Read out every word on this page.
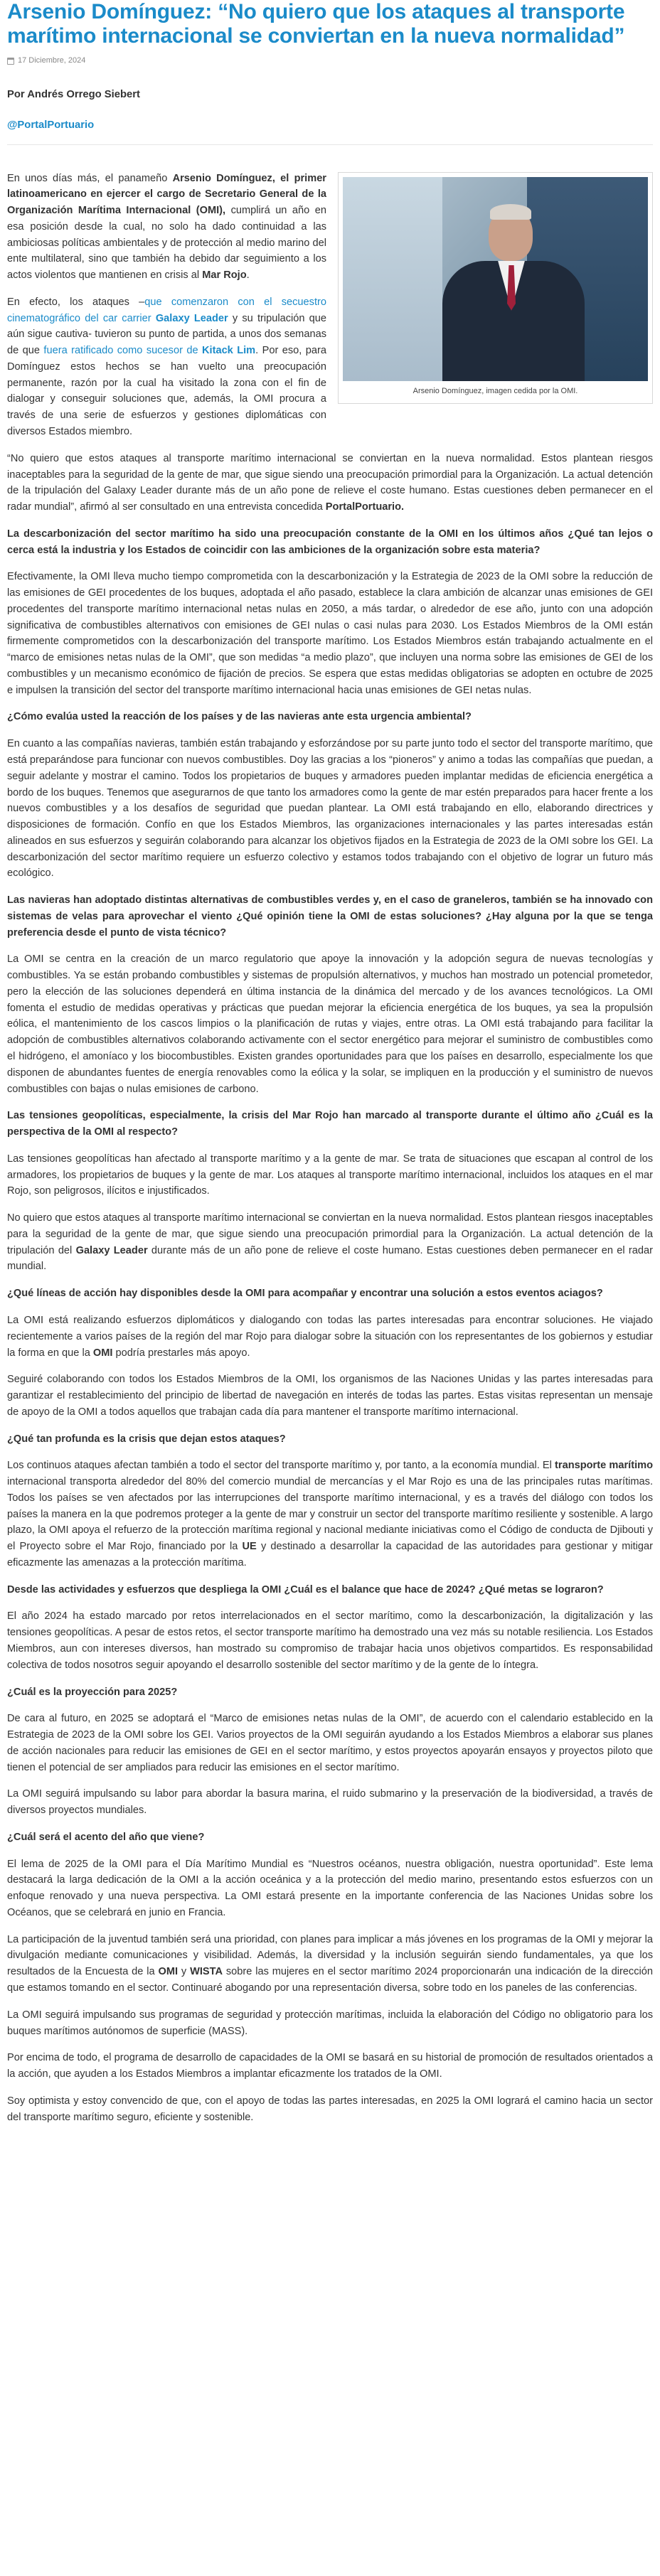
Arsenio Domínguez: “No quiero que los ataques al transporte marítimo internacional se conviertan en la nueva normalidad”
17 Diciembre, 2024
Por Andrés Orrego Siebert
@PortalPortuario
Arsenio Domínguez, imagen cedida por la OMI.

En unos días más, el panameño Arsenio Domínguez, el primer latinoamericano en ejercer el cargo de Secretario General de la Organización Marítima Internacional (OMI), cumplirá un año en esa posición desde la cual, no solo ha dado continuidad a las ambiciosas políticas ambientales y de protección al medio marino del ente multilateral, sino que también ha debido dar seguimiento a los actos violentos que mantienen en crisis al Mar Rojo.

En efecto, los ataques –que comenzaron con el secuestro cinematográfico del car carrier Galaxy Leader y su tripulación que aún sigue cautiva- tuvieron su punto de partida, a unos dos semanas de que fuera ratificado como sucesor de Kitack Lim. Por eso, para Domínguez estos hechos se han vuelto una preocupación permanente, razón por la cual ha visitado la zona con el fin de dialogar y conseguir soluciones que, además, la OMI procura a través de una serie de esfuerzos y gestiones diplomáticas con diversos Estados miembro.

“No quiero que estos ataques al transporte marítimo internacional se conviertan en la nueva normalidad. Estos plantean riesgos inaceptables para la seguridad de la gente de mar, que sigue siendo una preocupación primordial para la Organización. La actual detención de la tripulación del Galaxy Leader durante más de un año pone de relieve el coste humano. Estas cuestiones deben permanecer en el radar mundial”, afirmó al ser consultado en una entrevista concedida PortalPortuario.

La descarbonización del sector marítimo ha sido una preocupación constante de la OMI en los últimos años ¿Qué tan lejos o cerca está la industria y los Estados de coincidir con las ambiciones de la organización sobre esta materia?

Efectivamente, la OMI lleva mucho tiempo comprometida con la descarbonización y la Estrategia de 2023 de la OMI sobre la reducción de las emisiones de GEI procedentes de los buques, adoptada el año pasado, establece la clara ambición de alcanzar unas emisiones de GEI procedentes del transporte marítimo internacional netas nulas en 2050, a más tardar, o alrededor de ese año, junto con una adopción significativa de combustibles alternativos con emisiones de GEI nulas o casi nulas para 2030. Los Estados Miembros de la OMI están firmemente comprometidos con la descarbonización del transporte marítimo. Los Estados Miembros están trabajando actualmente en el “marco de emisiones netas nulas de la OMI”, que son medidas “a medio plazo”, que incluyen una norma sobre las emisiones de GEI de los combustibles y un mecanismo económico de fijación de precios. Se espera que estas medidas obligatorias se adopten en octubre de 2025 e impulsen la transición del sector del transporte marítimo internacional hacia unas emisiones de GEI netas nulas.

¿Cómo evalúa usted la reacción de los países y de las navieras ante esta urgencia ambiental?

En cuanto a las compañías navieras, también están trabajando y esforzándose por su parte junto todo el sector del transporte marítimo, que está preparándose para funcionar con nuevos combustibles. Doy las gracias a los “pioneros” y animo a todas las compañías que puedan, a seguir adelante y mostrar el camino. Todos los propietarios de buques y armadores pueden implantar medidas de eficiencia energética a bordo de los buques. Tenemos que asegurarnos de que tanto los armadores como la gente de mar estén preparados para hacer frente a los nuevos combustibles y a los desafíos de seguridad que puedan plantear. La OMI está trabajando en ello, elaborando directrices y disposiciones de formación. Confío en que los Estados Miembros, las organizaciones internacionales y las partes interesadas están alineados en sus esfuerzos y seguirán colaborando para alcanzar los objetivos fijados en la Estrategia de 2023 de la OMI sobre los GEI. La descarbonización del sector marítimo requiere un esfuerzo colectivo y estamos todos trabajando con el objetivo de lograr un futuro más ecológico.

Las navieras han adoptado distintas alternativas de combustibles verdes y, en el caso de graneleros, también se ha innovado con sistemas de velas para aprovechar el viento ¿Qué opinión tiene la OMI de estas soluciones? ¿Hay alguna por la que se tenga preferencia desde el punto de vista técnico?

La OMI se centra en la creación de un marco regulatorio que apoye la innovación y la adopción segura de nuevas tecnologías y combustibles. Ya se están probando combustibles y sistemas de propulsión alternativos, y muchos han mostrado un potencial prometedor, pero la elección de las soluciones dependerá en última instancia de la dinámica del mercado y de los avances tecnológicos. La OMI fomenta el estudio de medidas operativas y prácticas que puedan mejorar la eficiencia energética de los buques, ya sea la propulsión eólica, el mantenimiento de los cascos limpios o la planificación de rutas y viajes, entre otras. La OMI está trabajando para facilitar la adopción de combustibles alternativos colaborando activamente con el sector energético para mejorar el suministro de combustibles como el hidrógeno, el amoníaco y los biocombustibles. Existen grandes oportunidades para que los países en desarrollo, especialmente los que disponen de abundantes fuentes de energía renovables como la eólica y la solar, se impliquen en la producción y el suministro de nuevos combustibles con bajas o nulas emisiones de carbono.

Las tensiones geopolíticas, especialmente, la crisis del Mar Rojo han marcado al transporte durante el último año ¿Cuál es la perspectiva de la OMI al respecto?

Las tensiones geopolíticas han afectado al transporte marítimo y a la gente de mar. Se trata de situaciones que escapan al control de los armadores, los propietarios de buques y la gente de mar. Los ataques al transporte marítimo internacional, incluidos los ataques en el mar Rojo, son peligrosos, ilícitos e injustificados.

No quiero que estos ataques al transporte marítimo internacional se conviertan en la nueva normalidad. Estos plantean riesgos inaceptables para la seguridad de la gente de mar, que sigue siendo una preocupación primordial para la Organización. La actual detención de la tripulación del Galaxy Leader durante más de un año pone de relieve el coste humano. Estas cuestiones deben permanecer en el radar mundial.

¿Qué líneas de acción hay disponibles desde la OMI para acompañar y encontrar una solución a estos eventos aciagos?

La OMI está realizando esfuerzos diplomáticos y dialogando con todas las partes interesadas para encontrar soluciones. He viajado recientemente a varios países de la región del mar Rojo para dialogar sobre la situación con los representantes de los gobiernos y estudiar la forma en que la OMI podría prestarles más apoyo.

Seguiré colaborando con todos los Estados Miembros de la OMI, los organismos de las Naciones Unidas y las partes interesadas para garantizar el restablecimiento del principio de libertad de navegación en interés de todas las partes. Estas visitas representan un mensaje de apoyo de la OMI a todos aquellos que trabajan cada día para mantener el transporte marítimo internacional.

¿Qué tan profunda es la crisis que dejan estos ataques?

Los continuos ataques afectan también a todo el sector del transporte marítimo y, por tanto, a la economía mundial. El transporte marítimo internacional transporta alrededor del 80% del comercio mundial de mercancías y el Mar Rojo es una de las principales rutas marítimas. Todos los países se ven afectados por las interrupciones del transporte marítimo internacional, y es a través del diálogo con todos los países la manera en la que podremos proteger a la gente de mar y construir un sector del transporte marítimo resiliente y sostenible. A largo plazo, la OMI apoya el refuerzo de la protección marítima regional y nacional mediante iniciativas como el Código de conducta de Djibouti y el Proyecto sobre el Mar Rojo, financiado por la UE y destinado a desarrollar la capacidad de las autoridades para gestionar y mitigar eficazmente las amenazas a la protección marítima.

Desde las actividades y esfuerzos que despliega la OMI ¿Cuál es el balance que hace de 2024? ¿Qué metas se lograron?

El año 2024 ha estado marcado por retos interrelacionados en el sector marítimo, como la descarbonización, la digitalización y las tensiones geopolíticas. A pesar de estos retos, el sector transporte marítimo ha demostrado una vez más su notable resiliencia. Los Estados Miembros, aun con intereses diversos, han mostrado su compromiso de trabajar hacia unos objetivos compartidos. Es responsabilidad colectiva de todos nosotros seguir apoyando el desarrollo sostenible del sector marítimo y de la gente de lo íntegra.

¿Cuál es la proyección para 2025?

De cara al futuro, en 2025 se adoptará el “Marco de emisiones netas nulas de la OMI”, de acuerdo con el calendario establecido en la Estrategia de 2023 de la OMI sobre los GEI. Varios proyectos de la OMI seguirán ayudando a los Estados Miembros a elaborar sus planes de acción nacionales para reducir las emisiones de GEI en el sector marítimo, y estos proyectos apoyarán ensayos y proyectos piloto que tienen el potencial de ser ampliados para reducir las emisiones en el sector marítimo.

La OMI seguirá impulsando su labor para abordar la basura marina, el ruido submarino y la preservación de la biodiversidad, a través de diversos proyectos mundiales.

¿Cuál será el acento del año que viene?

El lema de 2025 de la OMI para el Día Marítimo Mundial es “Nuestros océanos, nuestra obligación, nuestra oportunidad”. Este lema destacará la larga dedicación de la OMI a la acción oceánica y a la protección del medio marino, presentando estos esfuerzos con un enfoque renovado y una nueva perspectiva. La OMI estará presente en la importante conferencia de las Naciones Unidas sobre los Océanos, que se celebrará en junio en Francia.

La participación de la juventud también será una prioridad, con planes para implicar a más jóvenes en los programas de la OMI y mejorar la divulgación mediante comunicaciones y visibilidad. Además, la diversidad y la inclusión seguirán siendo fundamentales, ya que los resultados de la Encuesta de la OMI y WISTA sobre las mujeres en el sector marítimo 2024 proporcionarán una indicación de la dirección que estamos tomando en el sector. Continuaré abogando por una representación diversa, sobre todo en los paneles de las conferencias.

La OMI seguirá impulsando sus programas de seguridad y protección marítimas, incluida la elaboración del Código no obligatorio para los buques marítimos autónomos de superficie (MASS).

Por encima de todo, el programa de desarrollo de capacidades de la OMI se basará en su historial de promoción de resultados orientados a la acción, que ayuden a los Estados Miembros a implantar eficazmente los tratados de la OMI.

Soy optimista y estoy convencido de que, con el apoyo de todas las partes interesadas, en 2025 la OMI logrará el camino hacia un sector del transporte marítimo seguro, eficiente y sostenible.
